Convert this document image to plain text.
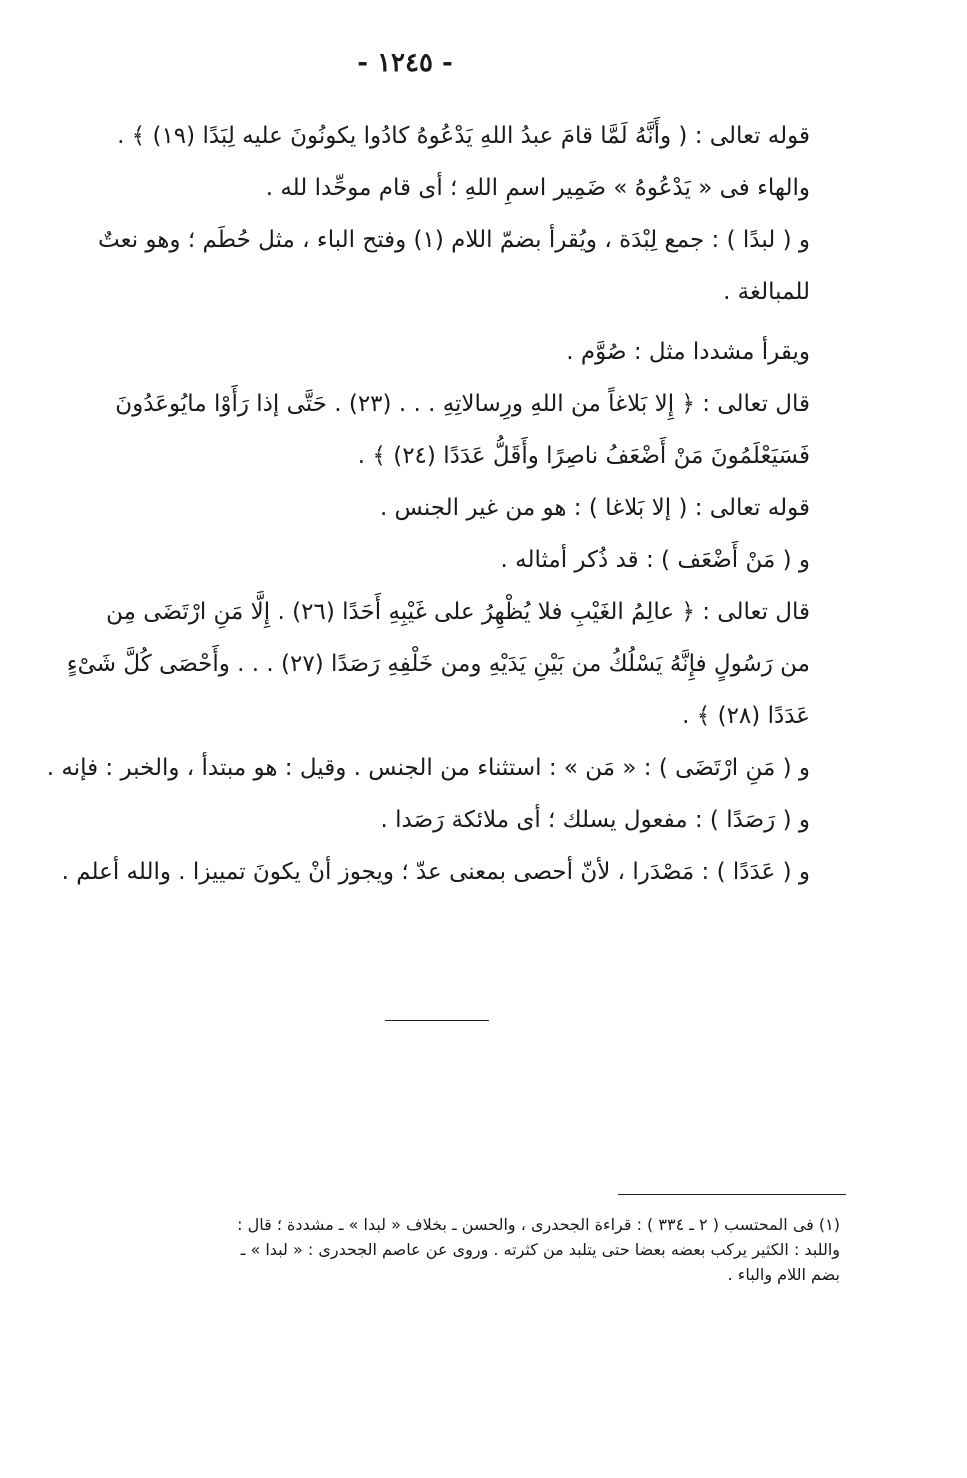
- ١٢٤٥ -
قوله تعالى : ( وأَنَّهُ لَمَّا قامَ عبدُ اللهِ يَدْعُوهُ كادُوا يكونُونَ عليه لِبَدًا (١٩) ﴾ .
والهاء فى « يَدْعُوهُ » ضَمِير اسمِ اللهِ ؛ أى قام موحِّدا لله .
و ( لبدًا ) : جمع لِبْدَة ، ويُقرأ بضمّ اللام (١) وفتح الباء ، مثل حُطَم ؛ وهو نعتٌ
للمبالغة .
ويقرأ مشددا مثل : صُوَّم .
قال تعالى : ﴿ إِلا بَلاغاً من اللهِ ورِسالاتِهِ . . . (٢٣) . حَتَّى إذا رَأَوْا مايُوعَدُونَ
فَسَيَعْلَمُونَ مَنْ أَضْعَفُ ناصِرًا وأَقَلُّ عَدَدًا (٢٤) ﴾ .
قوله تعالى : ( إلا بَلاغا ) : هو من غير الجنس .
و ( مَنْ أَضْعَف ) : قد ذُكر أمثاله .
قال تعالى : ﴿ عالِمُ الغَيْبِ فلا يُظْهِرُ على غَيْبِهِ أَحَدًا (٢٦) . إِلَّا مَنِ ارْتَضَى مِن
من رَسُولٍ فإِنَّهُ يَسْلُكُ من بَيْنِ يَدَيْهِ ومن خَلْفِهِ رَصَدًا (٢٧) . . . وأَحْصَى كُلَّ شَىْءٍ
عَدَدًا (٢٨) ﴾ .
و ( مَنِ ارْتَضَى ) : « مَن » : استثناء من الجنس . وقيل : هو مبتدأ ، والخبر : فإنه .
و ( رَصَدًا ) : مفعول يسلك ؛ أى ملائكة رَصَدا .
و ( عَدَدًا ) : مَصْدَرا ، لأنّ أحصى بمعنى عدّ ؛ ويجوز أنْ يكونَ تمييزا . والله أعلم .
(١) فى المحتسب ( ٢ ـ ٣٣٤ ) : قراءة الجحدرى ، والحسن ـ بخلاف « لبدا » ـ مشددة ؛ قال :
واللبد : الكثير يركب بعضه بعضا حتى يتلبد من كثرته . وروى عن عاصم الجحدرى : « لبدا » ـ
بضم اللام والباء .
